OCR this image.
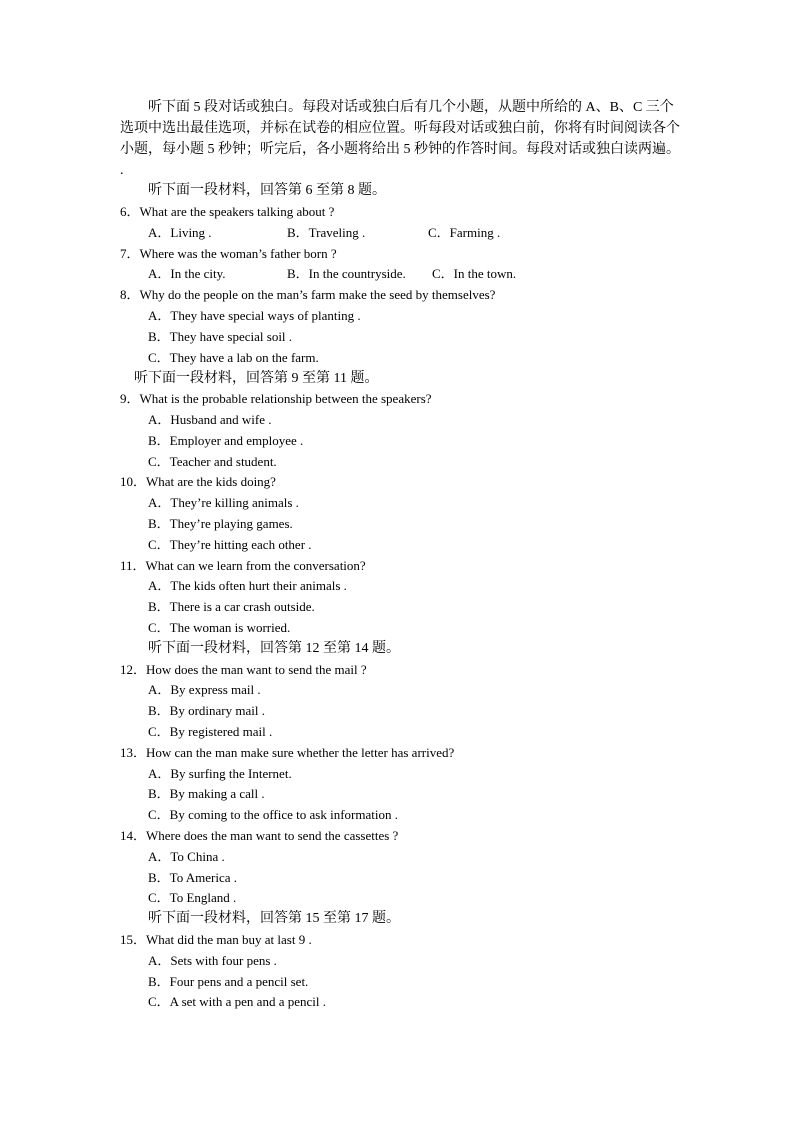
听下面 5 段对话或独白。每段对话或独白后有几个小题，从题中所给的 A、B、C 三个选项中选出最佳选项，并标在试卷的相应位置。听每段对话或独白前，你将有时间阅读各个小题，每小题 5 秒钟；听完后，各小题将给出 5 秒钟的作答时间。每段对话或独白读两遍。 .

听下面一段材料，回答第 6 至第 8 题。
6．What are the speakers talking about ?
A．Living .	B．Traveling .	C．Farming .
7．Where was the woman’s father born ?
A．In the city.	B．In the countryside. C．In the town.
8．Why do the people on the man’s farm make the seed by themselves?
A．They have special ways of planting .
B．They have special soil .
C．They have a lab on the farm.
听下面一段材料，回答第 9 至第 11 题。
9．What is the probable relationship between the speakers?
A．Husband and wife .
B．Employer and employee .
C．Teacher and student.
10．What are the kids doing?
A．They’re killing animals .
B．They’re playing games.
C．They’re hitting each other .
11．What can we learn from the conversation?
A．The kids often hurt their animals .
B．There is a car crash outside.
C．The woman is worried.
听下面一段材料，回答第 12 至第 14 题。
12．How does the man want to send the mail ?
A．By express mail .
B．By ordinary mail .
C．By registered mail .
13．How can the man make sure whether the letter has arrived?
A．By surfing the Internet.
B．By making a call .
C．By coming to the office to ask information .
14．Where does the man want to send the cassettes ?
A．To China .
B．To America .
C．To England .
听下面一段材料，回答第 15 至第 17 题。
15．What did the man buy at last 9 .
A．Sets with four pens .
B．Four pens and a pencil set.
C．A set with a pen and a pencil .
